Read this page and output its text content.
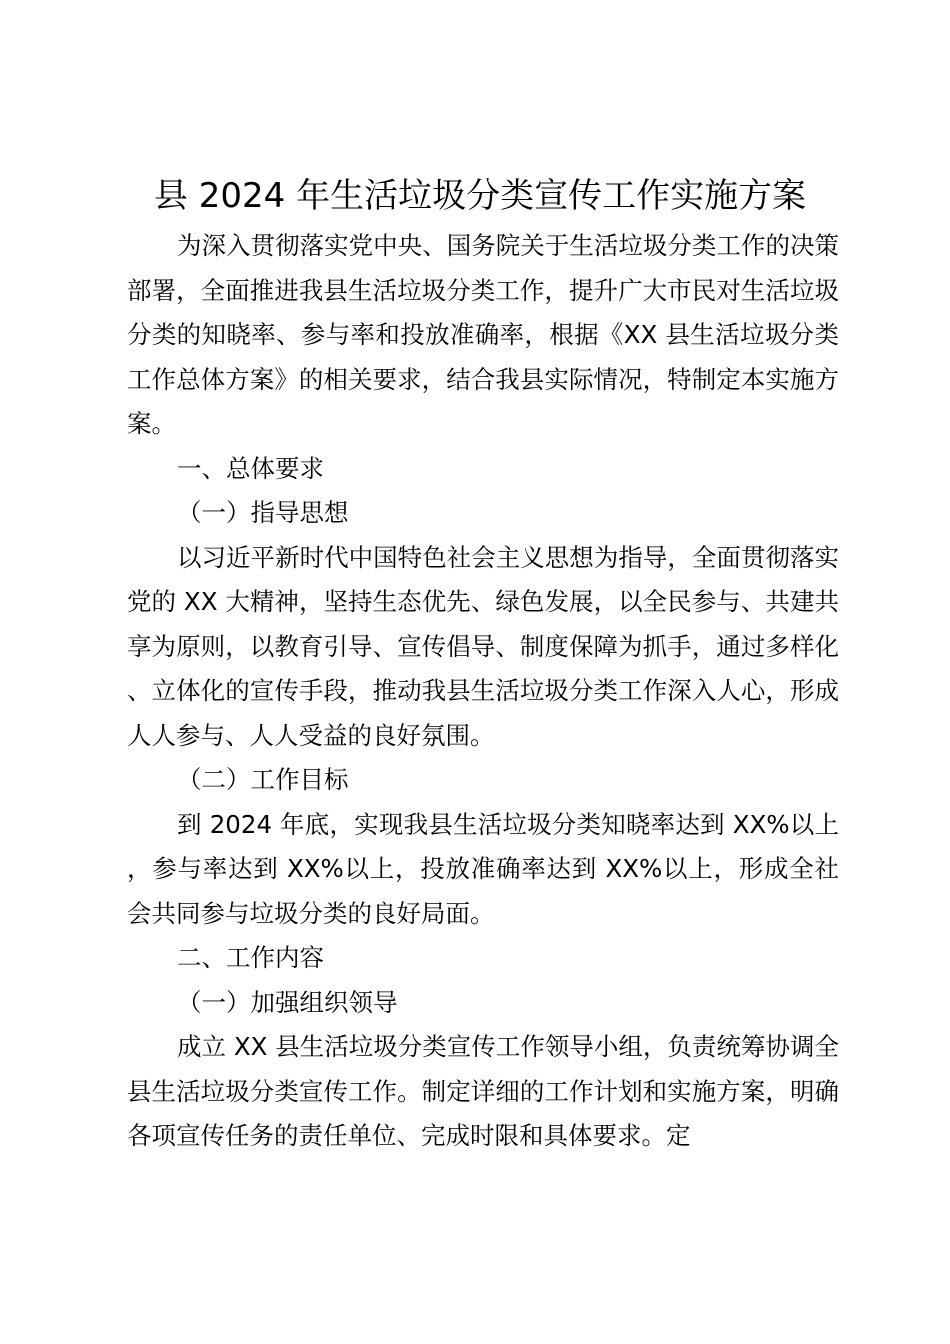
县 2024 年生活垃圾分类宣传工作实施方案

为深入贯彻落实党中央、国务院关于生活垃圾分类工作的决策部署，全面推进我县生活垃圾分类工作，提升广大市民对生活垃圾分类的知晓率、参与率和投放准确率，根据《XX 县生活垃圾分类工作总体方案》的相关要求，结合我县实际情况，特制定本实施方案。

一、总体要求

（一）指导思想

以习近平新时代中国特色社会主义思想为指导，全面贯彻落实党的 XX 大精神，坚持生态优先、绿色发展，以全民参与、共建共享为原则，以教育引导、宣传倡导、制度保障为抓手，通过多样化、立体化的宣传手段，推动我县生活垃圾分类工作深入人心，形成人人参与、人人受益的良好氛围。

（二）工作目标

到 2024 年底，实现我县生活垃圾分类知晓率达到 XX%以上，参与率达到 XX%以上，投放准确率达到 XX%以上，形成全社会共同参与垃圾分类的良好局面。

二、工作内容

（一）加强组织领导

成立 XX 县生活垃圾分类宣传工作领导小组，负责统筹协调全县生活垃圾分类宣传工作。制定详细的工作计划和实施方案，明确各项宣传任务的责任单位、完成时限和具体要求。定
